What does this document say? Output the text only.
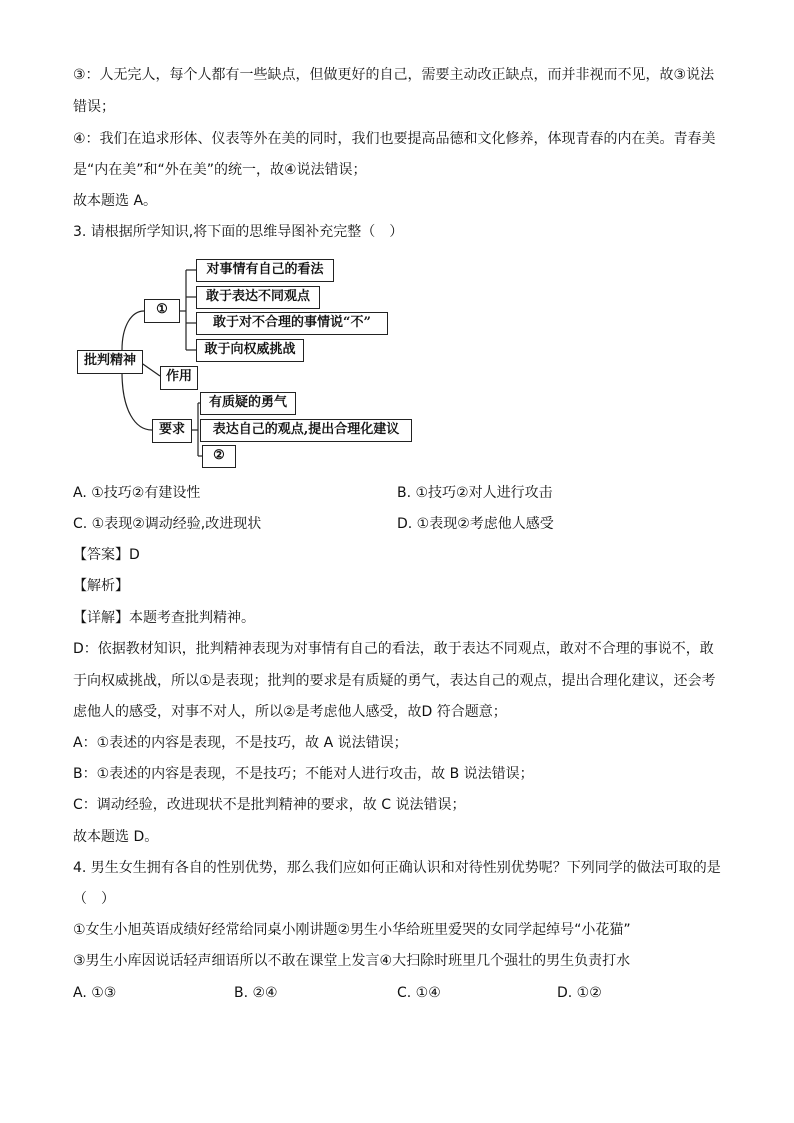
③：人无完人，每个人都有一些缺点，但做更好的自己，需要主动改正缺点，而并非视而不见，故③说法
错误；
④：我们在追求形体、仪表等外在美的同时，我们也要提高品德和文化修养，体现青春的内在美。青春美
是“内在美”和“外在美”的统一，故④说法错误；
故本题选 A。
3. 请根据所学知识,将下面的思维导图补充完整（　）
批判精神
①
作用
要求
对事情有自己的看法
敢于表达不同观点
敢于对不合理的事情说“不”
敢于向权威挑战
有质疑的勇气
表达自己的观点,提出合理化建议
②
A. ①技巧②有建设性	B. ①技巧②对人进行攻击
C. ①表现②调动经验,改进现状	D. ①表现②考虑他人感受
【答案】D
【解析】
【详解】本题考查批判精神。
D：依据教材知识，批判精神表现为对事情有自己的看法，敢于表达不同观点，敢对不合理的事说不，敢
于向权威挑战，所以①是表现；批判的要求是有质疑的勇气，表达自己的观点，提出合理化建议，还会考
虑他人的感受，对事不对人，所以②是考虑他人感受，故D 符合题意；
A：①表述的内容是表现，不是技巧，故 A 说法错误；
B：①表述的内容是表现，不是技巧；不能对人进行攻击，故 B 说法错误；
C：调动经验，改进现状不是批判精神的要求，故 C 说法错误；
故本题选 D。
4. 男生女生拥有各自的性别优势，那么我们应如何正确认识和对待性别优势呢？下列同学的做法可取的是
（　）
①女生小旭英语成绩好经常给同桌小刚讲题②男生小华给班里爱哭的女同学起绰号“小花猫”
③男生小库因说话轻声细语所以不敢在课堂上发言④大扫除时班里几个强壮的男生负责打水
A. ①③	B. ②④	C. ①④	D. ①②
